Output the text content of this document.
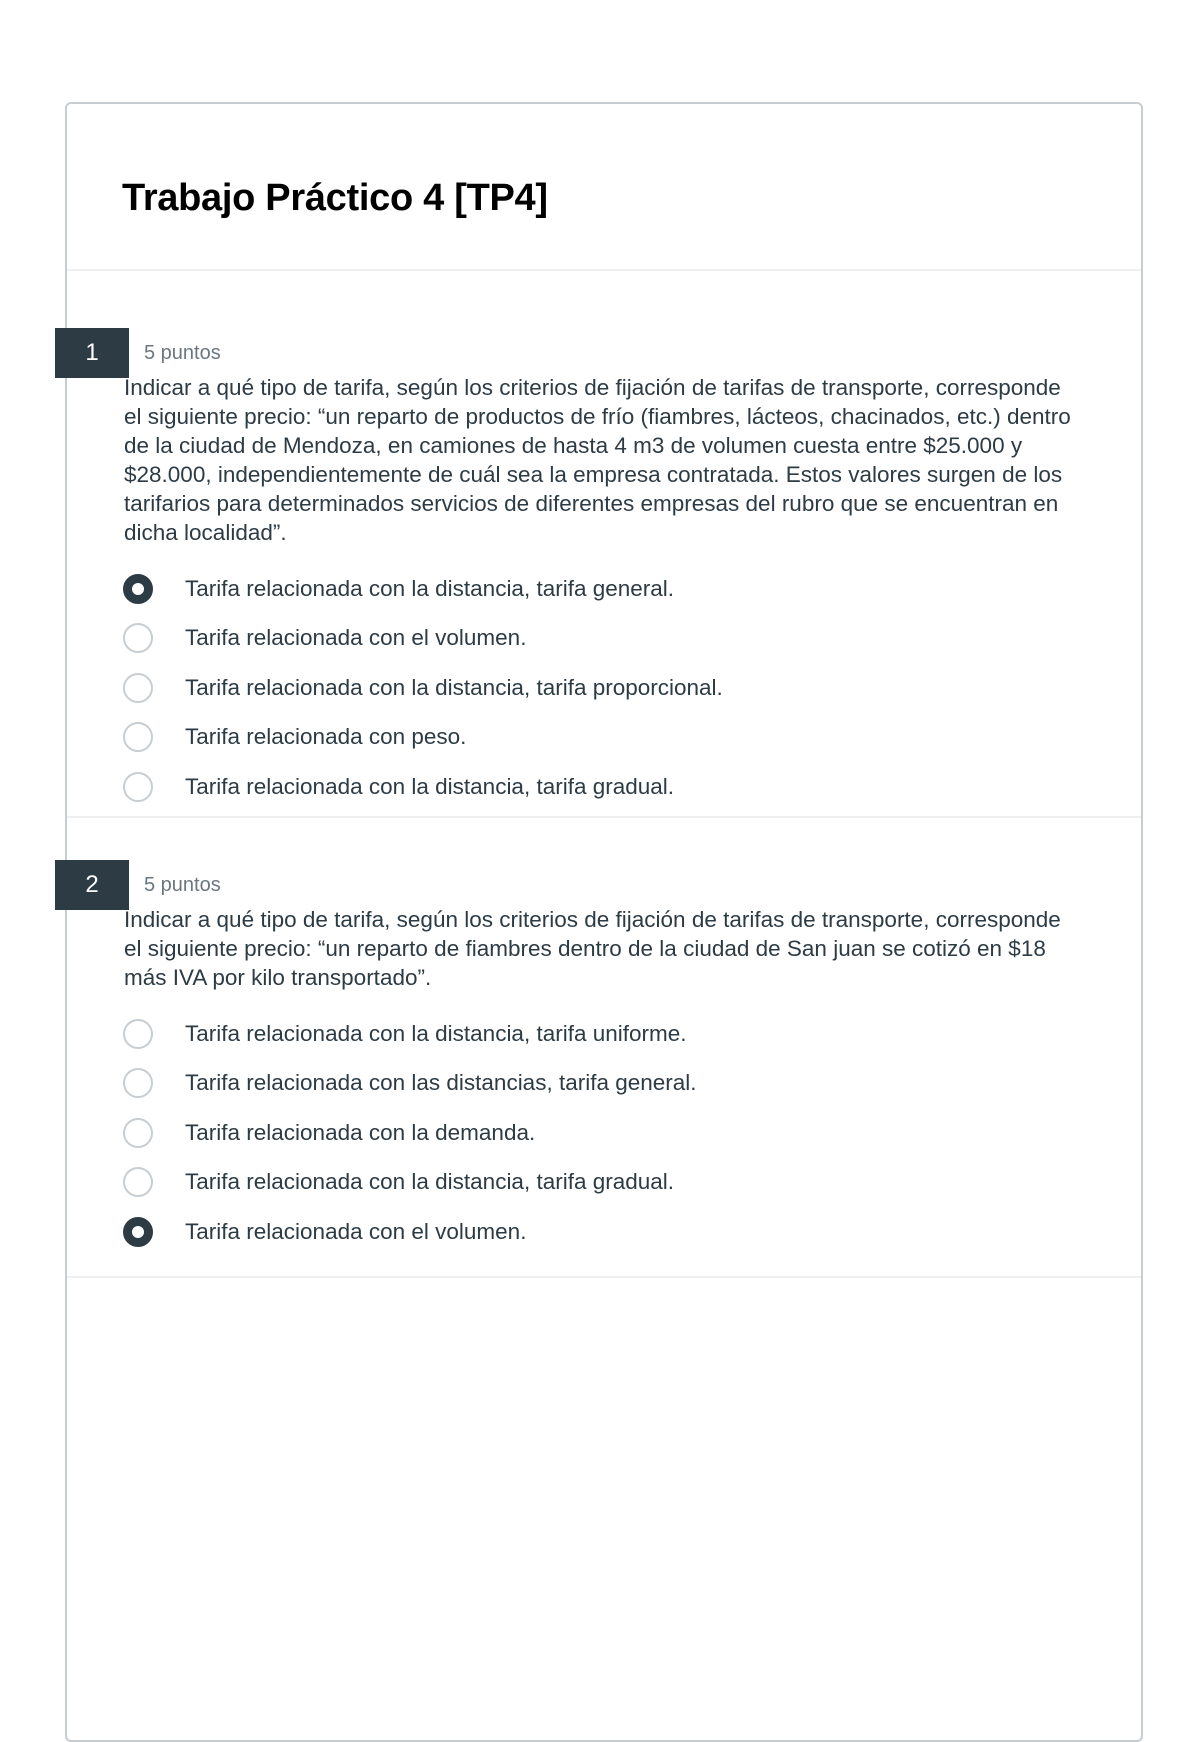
Trabajo Práctico 4 [TP4]
1	5 puntos

Indicar a qué tipo de tarifa, según los criterios de fijación de tarifas de transporte, corresponde
el siguiente precio: “un reparto de productos de frío (fiambres, lácteos, chacinados, etc.) dentro
de la ciudad de Mendoza, en camiones de hasta 4 m3 de volumen cuesta entre $25.000 y
$28.000, independientemente de cuál sea la empresa contratada. Estos valores surgen de los
tarifarios para determinados servicios de diferentes empresas del rubro que se encuentran en
dicha localidad”.

Tarifa relacionada con la distancia, tarifa general.
Tarifa relacionada con el volumen.
Tarifa relacionada con la distancia, tarifa proporcional.
Tarifa relacionada con peso.
Tarifa relacionada con la distancia, tarifa gradual.
2	5 puntos

Indicar a qué tipo de tarifa, según los criterios de fijación de tarifas de transporte, corresponde
el siguiente precio: “un reparto de fiambres dentro de la ciudad de San juan se cotizó en $18
más IVA por kilo transportado”.

Tarifa relacionada con la distancia, tarifa uniforme.
Tarifa relacionada con las distancias, tarifa general.
Tarifa relacionada con la demanda.
Tarifa relacionada con la distancia, tarifa gradual.
Tarifa relacionada con el volumen.
